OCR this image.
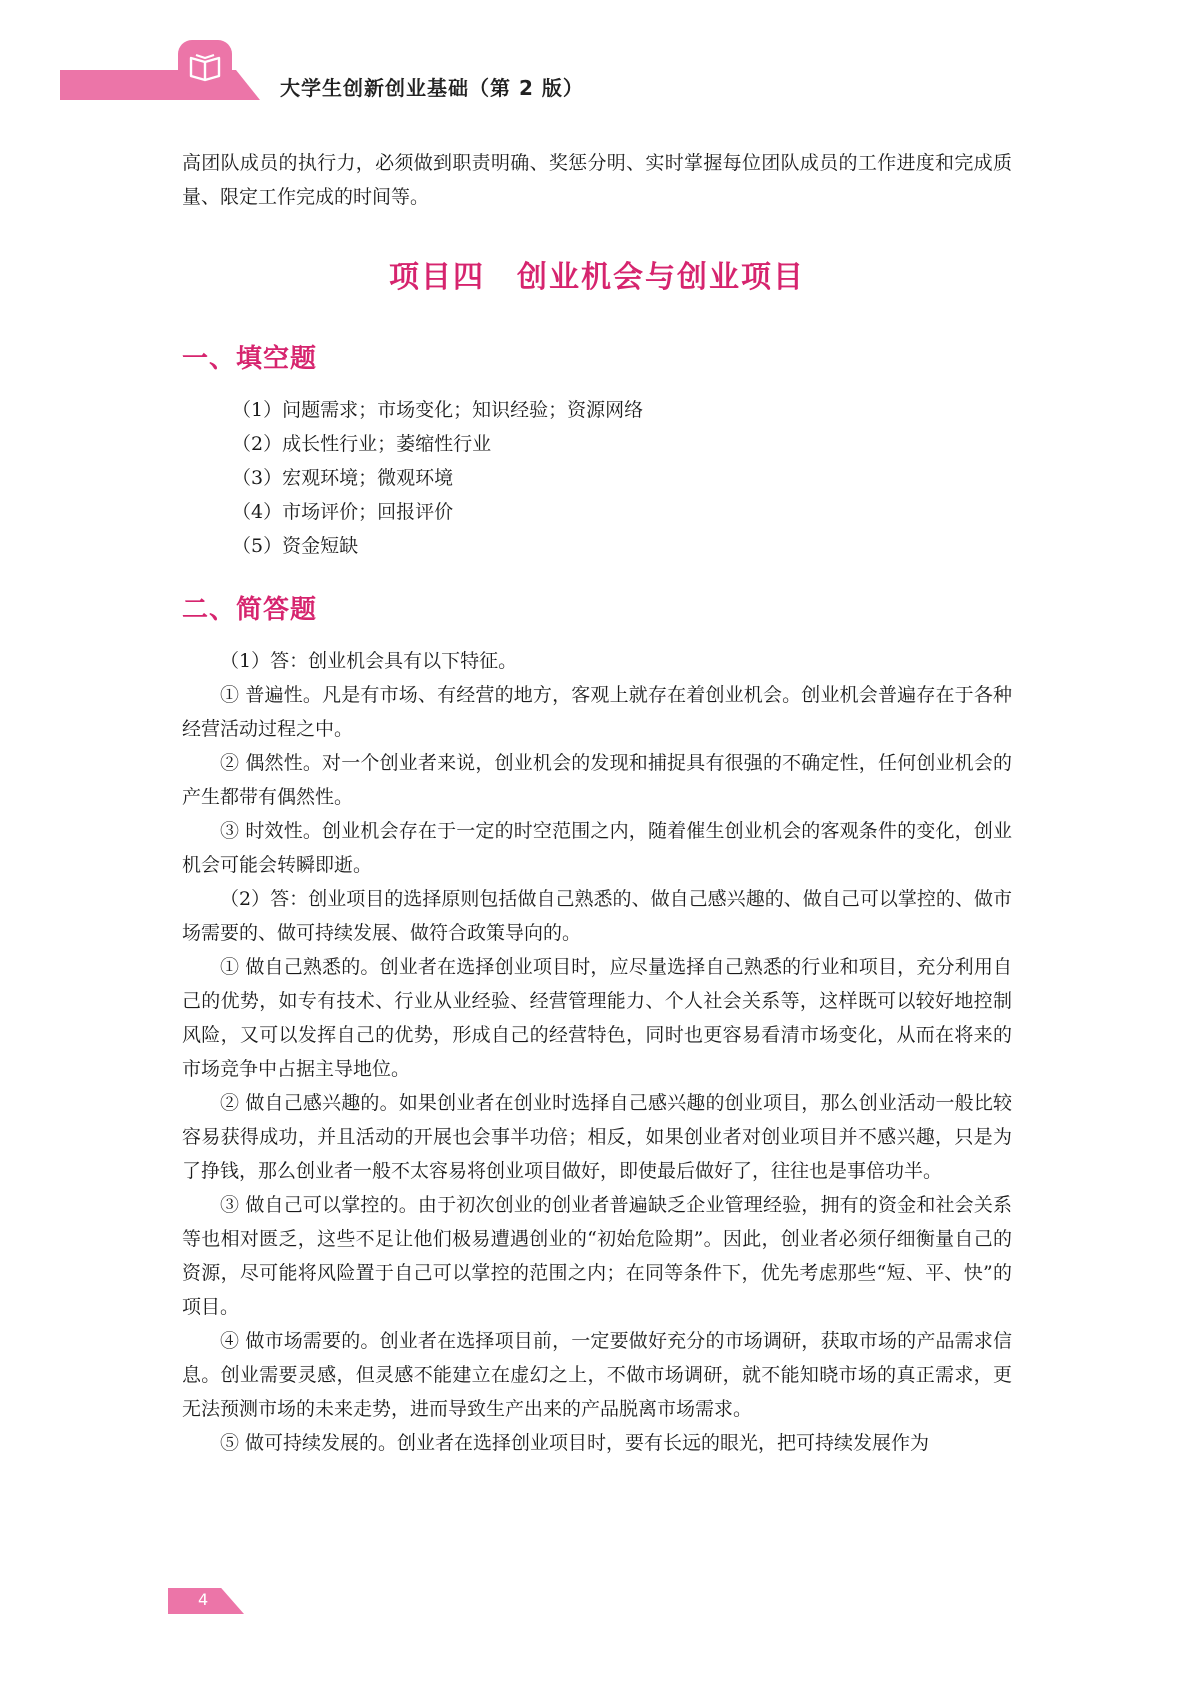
大学生创新创业基础（第 2 版）

高团队成员的执行力，必须做到职责明确、奖惩分明、实时掌握每位团队成员的工作进度和完成质量、限定工作完成的时间等。

项目四　创业机会与创业项目
一、填空题

（1）问题需求；市场变化；知识经验；资源网络

（2）成长性行业；萎缩性行业

（3）宏观环境；微观环境

（4）市场评价；回报评价

（5）资金短缺

二、简答题

（1）答：创业机会具有以下特征。

① 普遍性。凡是有市场、有经营的地方，客观上就存在着创业机会。创业机会普遍存在于各种经营活动过程之中。

② 偶然性。对一个创业者来说，创业机会的发现和捕捉具有很强的不确定性，任何创业机会的产生都带有偶然性。

③ 时效性。创业机会存在于一定的时空范围之内，随着催生创业机会的客观条件的变化，创业机会可能会转瞬即逝。

（2）答：创业项目的选择原则包括做自己熟悉的、做自己感兴趣的、做自己可以掌控的、做市场需要的、做可持续发展、做符合政策导向的。

① 做自己熟悉的。创业者在选择创业项目时，应尽量选择自己熟悉的行业和项目，充分利用自己的优势，如专有技术、行业从业经验、经营管理能力、个人社会关系等，这样既可以较好地控制风险，又可以发挥自己的优势，形成自己的经营特色，同时也更容易看清市场变化，从而在将来的市场竞争中占据主导地位。

② 做自己感兴趣的。如果创业者在创业时选择自己感兴趣的创业项目，那么创业活动一般比较容易获得成功，并且活动的开展也会事半功倍；相反，如果创业者对创业项目并不感兴趣，只是为了挣钱，那么创业者一般不太容易将创业项目做好，即使最后做好了，往往也是事倍功半。

③ 做自己可以掌控的。由于初次创业的创业者普遍缺乏企业管理经验，拥有的资金和社会关系等也相对匮乏，这些不足让他们极易遭遇创业的“初始危险期”。因此，创业者必须仔细衡量自己的资源，尽可能将风险置于自己可以掌控的范围之内；在同等条件下，优先考虑那些“短、平、快”的项目。

④ 做市场需要的。创业者在选择项目前，一定要做好充分的市场调研，获取市场的产品需求信息。创业需要灵感，但灵感不能建立在虚幻之上，不做市场调研，就不能知晓市场的真正需求，更无法预测市场的未来走势，进而导致生产出来的产品脱离市场需求。

⑤ 做可持续发展的。创业者在选择创业项目时，要有长远的眼光，把可持续发展作为

4
